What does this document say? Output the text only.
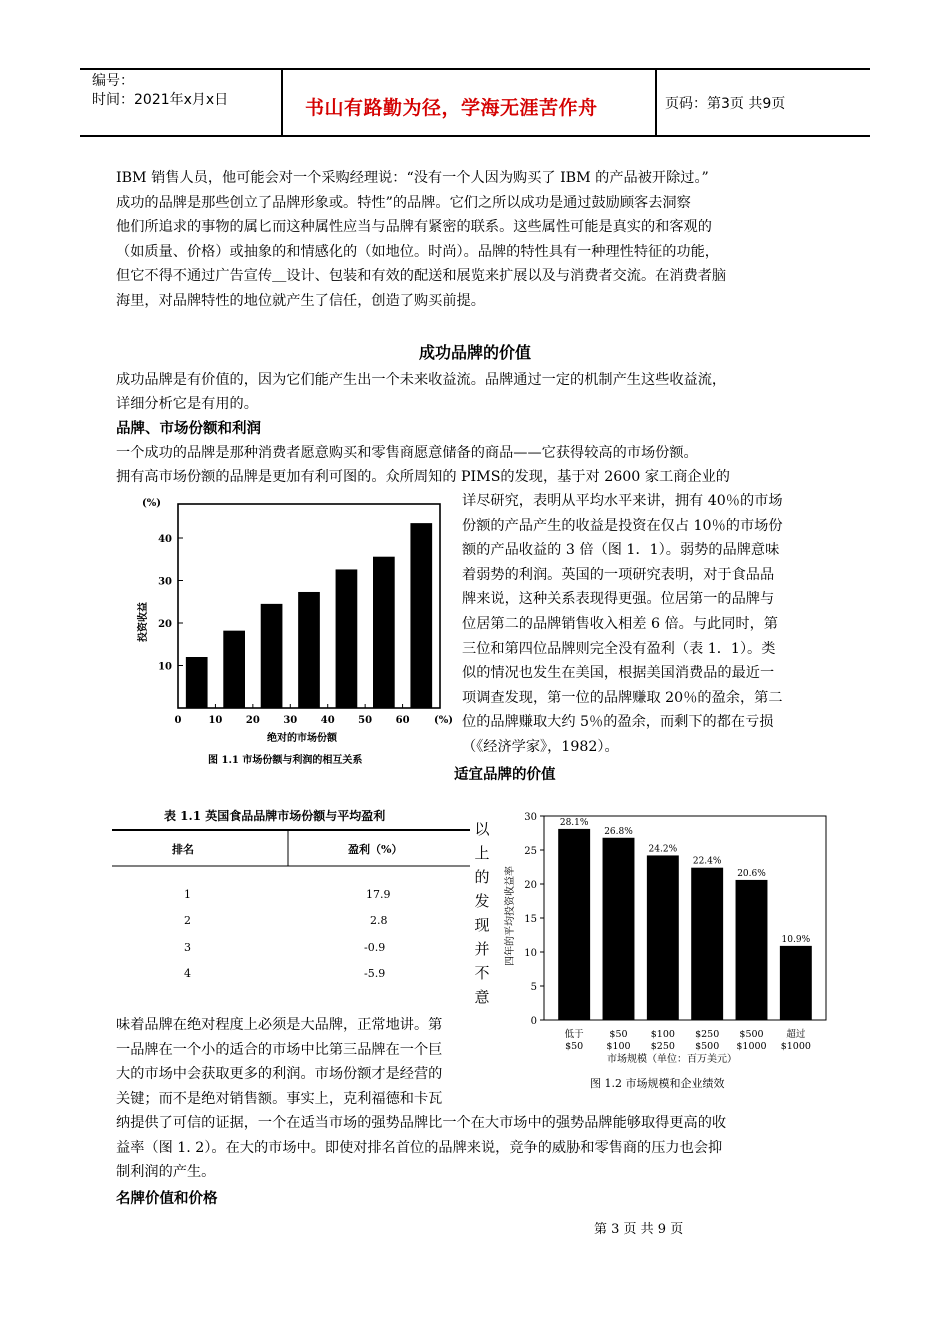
编号：
时间：2021年x月x日	书山有路勤为径，学海无涯苦作舟	页码：第3页 共9页
IBM 销售人员，他可能会对一个采购经理说：“没有一个人因为购买了 IBM 的产品被开除过。”
成功的品牌是那些创立了品牌形象或。特性”的品牌。它们之所以成功是通过鼓励顾客去洞察
他们所追求的事物的属匕而这种属性应当与品牌有紧密的联系。这些属性可能是真实的和客观的
（如质量、价格）或抽象的和情感化的（如地位。时尚）。品牌的特性具有一种理性特征的功能，
但它不得不通过广告宣传＿设计、包装和有效的配送和展览来扩展以及与消费者交流。在消费者脑
海里，对品牌特性的地位就产生了信任，创造了购买前提。
成功品牌的价值
成功品牌是有价值的，因为它们能产生出一个未来收益流。品牌通过一定的机制产生这些收益流，
详细分析它是有用的。
品牌、市场份额和利润
一个成功的品牌是那种消费者愿意购买和零售商愿意储备的商品——它获得较高的市场份额。
拥有高市场份额的品牌是更加有利可图的。众所周知的 PIMS的发现，基于对 2600 家工商企业的
详尽研究，表明从平均水平来讲，拥有 40％的市场
份额的产品产生的收益是投资在仅占 10％的市场份
额的产品收益的 3 倍（图 1．1）。弱势的品牌意味
着弱势的利润。英国的一项研究表明，对于食品品
牌来说，这种关系表现得更强。位居第一的品牌与
位居第二的品牌销售收入相差 6 倍。与此同时，第
三位和第四位品牌则完全没有盈利（表 1．1）。类
似的情况也发生在美国，根据美国消费品的最近一
项调查发现，第一位的品牌赚取 20％的盈余，第二
位的品牌赚取大约 5％的盈余，而剩下的都在亏损
（《经济学家》，1982）。
(%)
投资收益
10
20
30
40
0	10 20 30 40 50 60 (%)
绝对的市场份额
图 1.1 市场份额与利润的相互关系
适宜品牌的价值
表 1.1 英国食品品牌市场份额与平均盈利
排名	盈利（%）
1	17.9
2	2.8
3	-0.9
4	-5.9
以
上
的
发
现
并
不
意
四年的平均投资收益率
0
5
10
15
20
25
30	28.1%
26.8%
24.2%
22.4%
20.6%
10.9%
低于
$50
$50
$100
$100
$250
$250
$500
$500
$1000
超过
$1000
市场规模（单位：百万美元）
图 1.2 市场规模和企业绩效
味着品牌在绝对程度上必须是大品牌，正常地讲。第
一品牌在一个小的适合的市场中比第三品牌在一个巨
大的市场中会获取更多的利润。市场份额才是经营的
关键；而不是绝对销售额。事实上，克利福德和卡瓦
纳提供了可信的证据，一个在适当市场的强势品牌比一个在大市场中的强势品牌能够取得更高的收
益率（图 1. 2）。在大的市场中。即使对排名首位的品牌来说，竞争的威胁和零售商的压力也会抑
制利润的产生。
名牌价值和价格
第 3 页 共 9 页
